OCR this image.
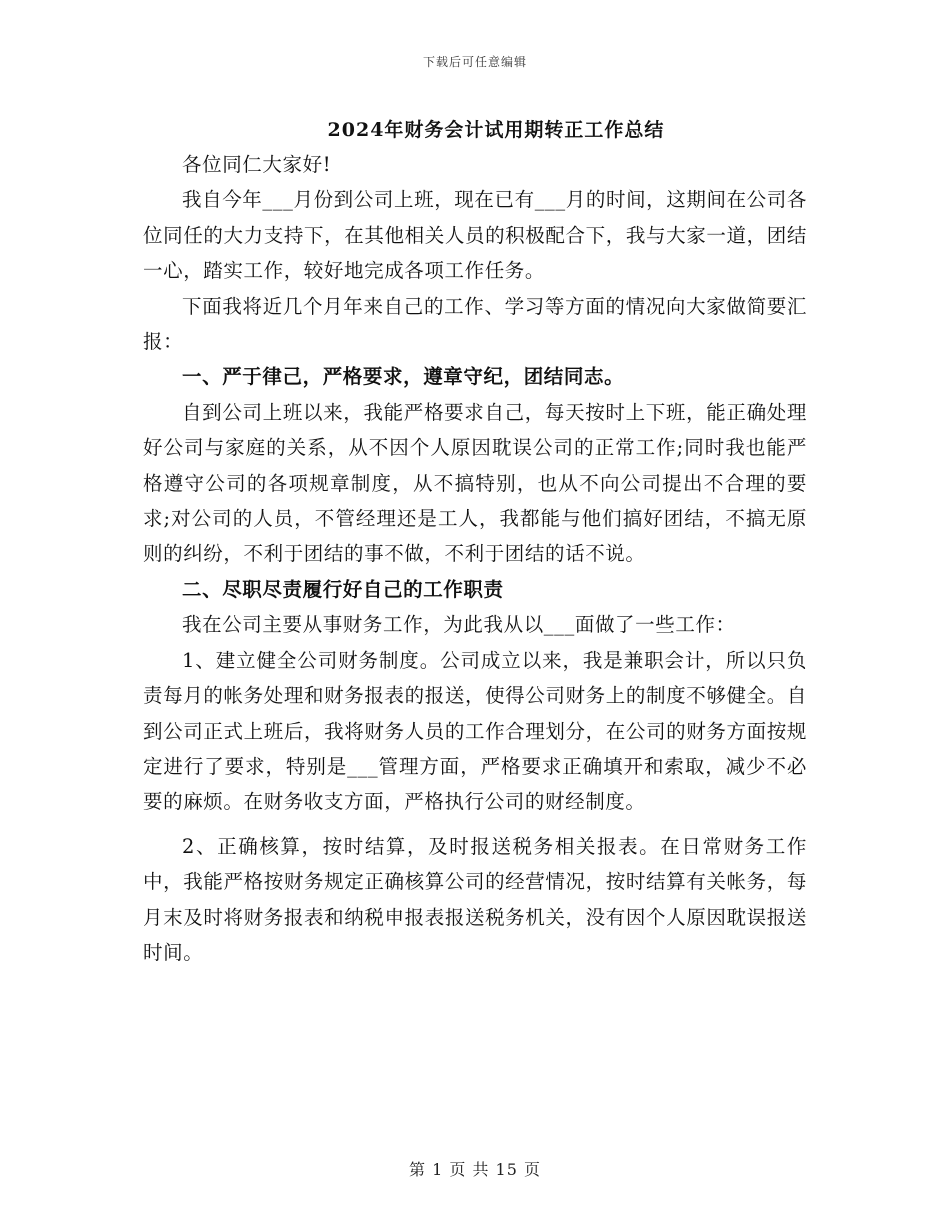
下载后可任意编辑
2024年财务会计试用期转正工作总结

各位同仁大家好!

我自今年___月份到公司上班，现在已有___月的时间，这期间在公司各位同任的大力支持下，在其他相关人员的积极配合下，我与大家一道，团结一心，踏实工作，较好地完成各项工作任务。

下面我将近几个月年来自己的工作、学习等方面的情况向大家做简要汇报：

一、严于律己，严格要求，遵章守纪，团结同志。

自到公司上班以来，我能严格要求自己，每天按时上下班，能正确处理好公司与家庭的关系，从不因个人原因耽误公司的正常工作;同时我也能严格遵守公司的各项规章制度，从不搞特别，也从不向公司提出不合理的要求;对公司的人员，不管经理还是工人，我都能与他们搞好团结，不搞无原则的纠纷，不利于团结的事不做，不利于团结的话不说。

二、尽职尽责履行好自己的工作职责

我在公司主要从事财务工作，为此我从以___面做了一些工作：

1、建立健全公司财务制度。公司成立以来，我是兼职会计，所以只负责每月的帐务处理和财务报表的报送，使得公司财务上的制度不够健全。自到公司正式上班后，我将财务人员的工作合理划分，在公司的财务方面按规定进行了要求，特别是___管理方面，严格要求正确填开和索取，减少不必要的麻烦。在财务收支方面，严格执行公司的财经制度。

2、正确核算，按时结算，及时报送税务相关报表。在日常财务工作中，我能严格按财务规定正确核算公司的经营情况，按时结算有关帐务，每月末及时将财务报表和纳税申报表报送税务机关，没有因个人原因耽误报送时间。

第 1 页 共 15 页
